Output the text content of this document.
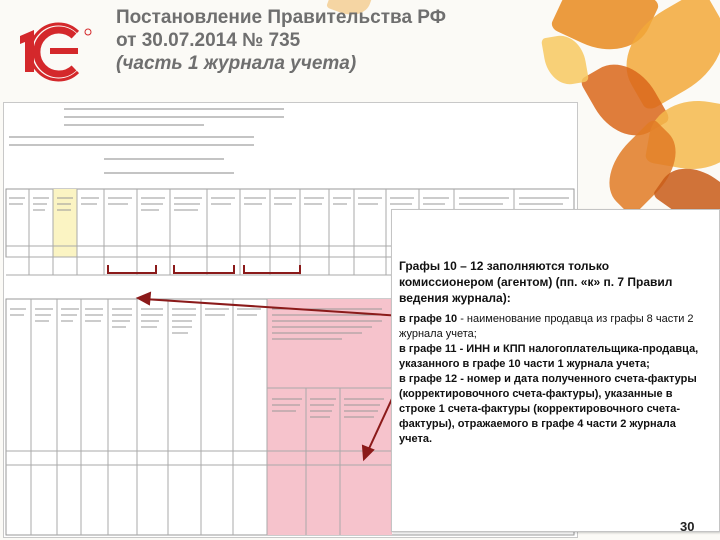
Постановление Правительства РФ
от 30.07.2014 № 735
(часть 1 журнала учета)
Графы 10 – 12 заполняются только комиссионером (агентом) (пп. «к» п. 7 Правил ведения журнала):

в графе 10 - наименование продавца из графы 8 части 2 журнала учета;

в графе 11 - ИНН и КПП налогоплательщика-продавца, указанного в графе 10 части 1 журнала учета;

в графе 12 - номер и дата полученного счета-фактуры (корректировочного счета-фактуры), указанные в строке 1 счета-фактуры (корректировочного счета-фактуры), отражаемого в графе 4 части 2 журнала учета.

30
